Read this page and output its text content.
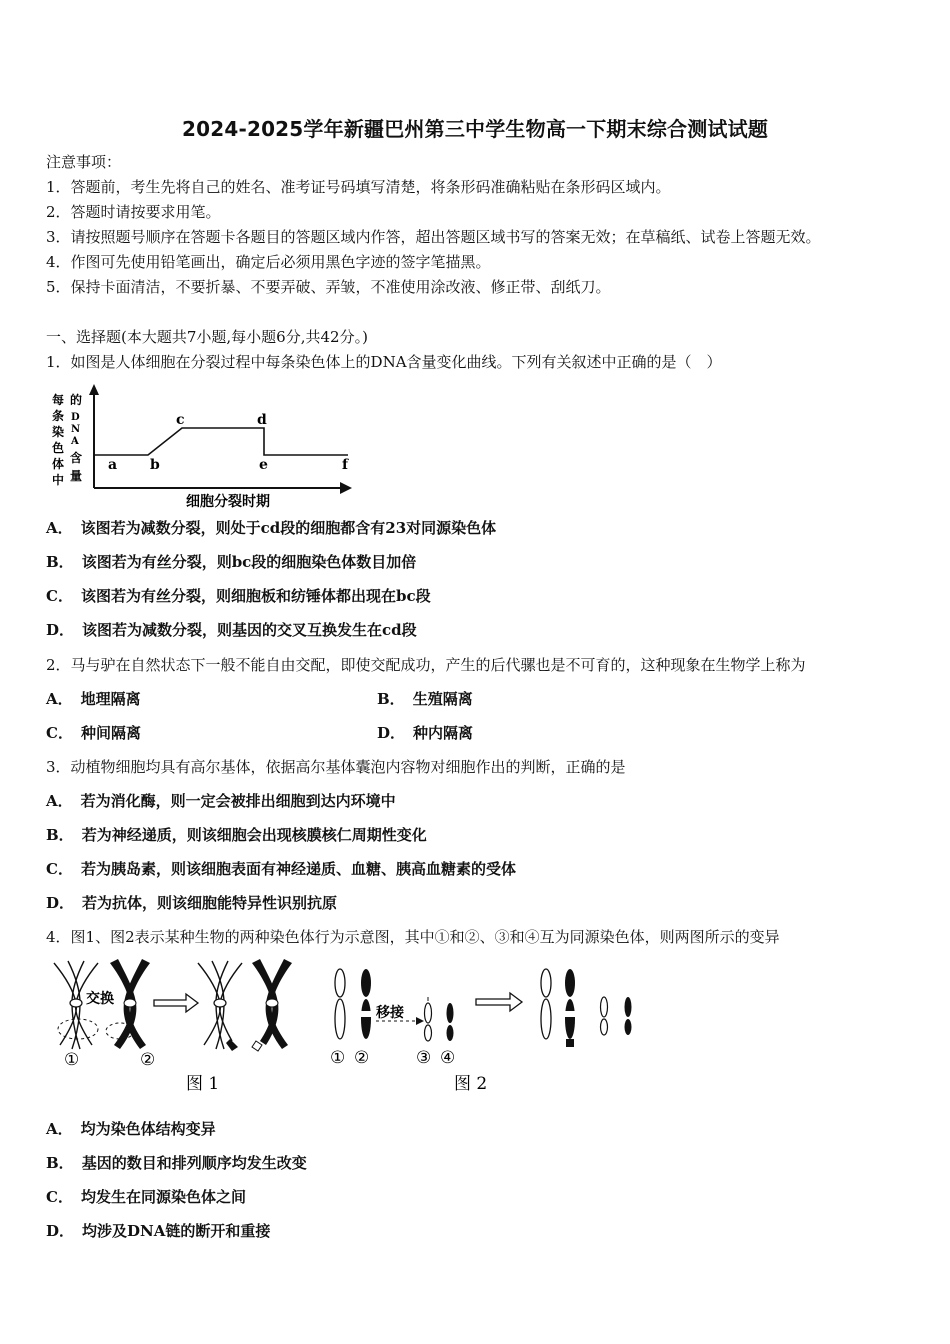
2024-2025学年新疆巴州第三中学生物高一下期末综合测试试题
注意事项：
1．答题前，考生先将自己的姓名、准考证号码填写清楚，将条形码准确粘贴在条形码区域内。
2．答题时请按要求用笔。
3．请按照题号顺序在答题卡各题目的答题区域内作答，超出答题区域书写的答案无效；在草稿纸、试卷上答题无效。
4．作图可先使用铅笔画出，确定后必须用黑色字迹的签字笔描黑。
5．保持卡面清洁，不要折暴、不要弄破、弄皱，不准使用涂改液、修正带、刮纸刀。
一、选择题(本大题共7小题,每小题6分,共42分。)
1．如图是人体细胞在分裂过程中每条染色体上的DNA含量变化曲线。下列有关叙述中正确的是（　）
每
条
染
色
体
中
的
D
N
A
含
量
a b
c	d
e	f
细胞分裂时期
A． 该图若为减数分裂，则处于cd段的细胞都含有23对同源染色体
B． 该图若为有丝分裂，则bc段的细胞染色体数目加倍
C． 该图若为有丝分裂，则细胞板和纺锤体都出现在bc段
D． 该图若为减数分裂，则基因的交叉互换发生在cd段
2．马与驴在自然状态下一般不能自由交配，即使交配成功，产生的后代骡也是不可育的，这种现象在生物学上称为
A． 地理隔离	B． 生殖隔离
C． 种间隔离	D． 种内隔离
3．动植物细胞均具有高尔基体，依据高尔基体囊泡内容物对细胞作出的判断，正确的是
A． 若为消化酶，则一定会被排出细胞到达内环境中
B． 若为神经递质，则该细胞会出现核膜核仁周期性变化
C． 若为胰岛素，则该细胞表面有神经递质、血糖、胰高血糖素的受体
D． 若为抗体，则该细胞能特异性识别抗原
4．图1、图2表示某种生物的两种染色体行为示意图，其中①和②、③和④互为同源染色体，则两图所示的变异
交换
①	②
图 1
移接
① ②	③ ④
图 2
A． 均为染色体结构变异
B． 基因的数目和排列顺序均发生改变
C． 均发生在同源染色体之间
D． 均涉及DNA链的断开和重接
